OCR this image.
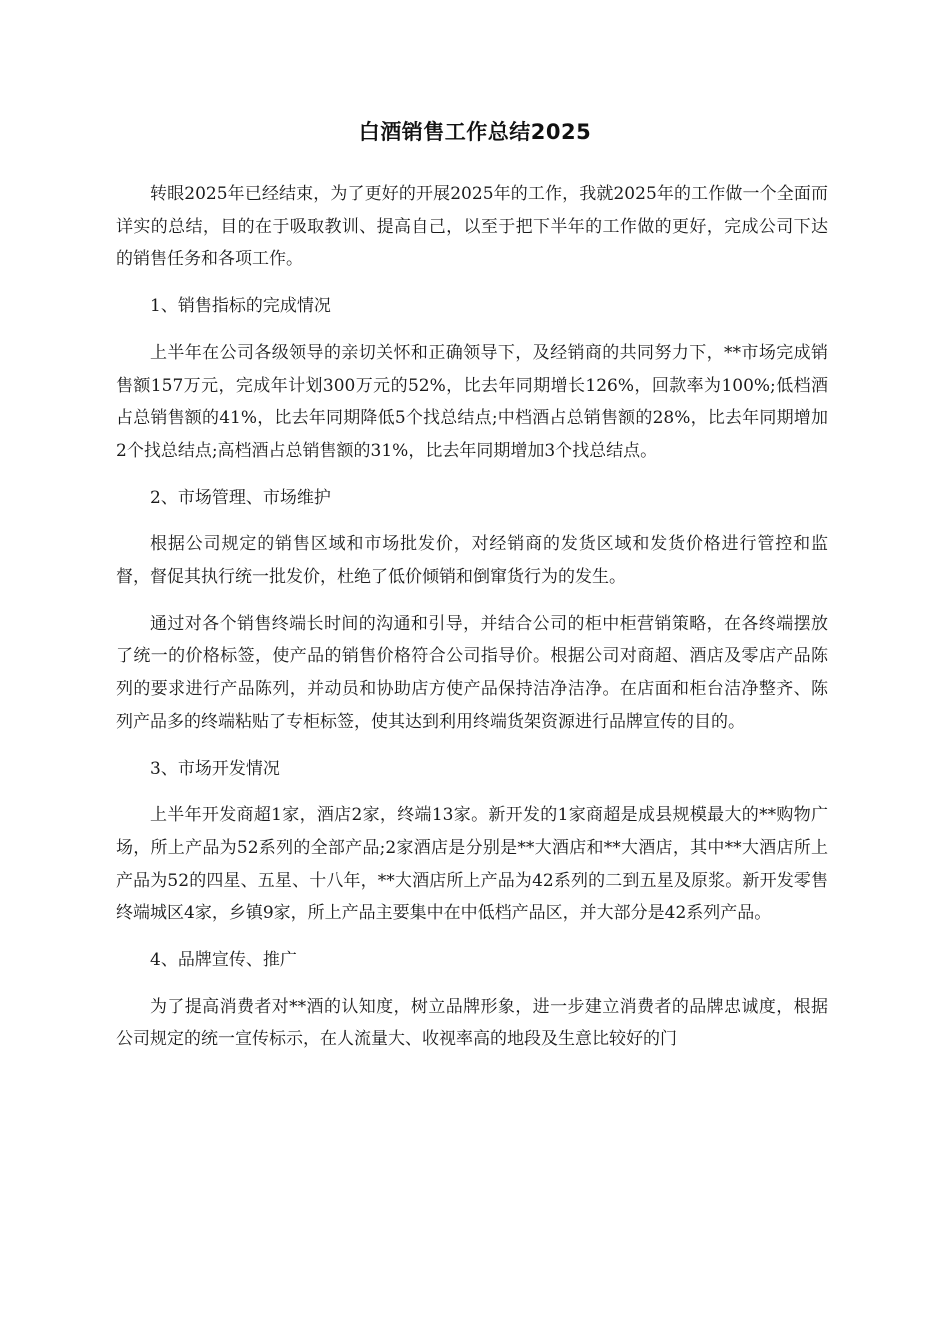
白酒销售工作总结2025

转眼2025年已经结束，为了更好的开展2025年的工作，我就2025年的工作做一个全面而详实的总结，目的在于吸取教训、提高自己，以至于把下半年的工作做的更好，完成公司下达的销售任务和各项工作。

1、销售指标的完成情况

上半年在公司各级领导的亲切关怀和正确领导下，及经销商的共同努力下，**市场完成销售额157万元，完成年计划300万元的52%，比去年同期增长126%，回款率为100%;低档酒占总销售额的41%，比去年同期降低5个找总结点;中档酒占总销售额的28%，比去年同期增加2个找总结点;高档酒占总销售额的31%，比去年同期增加3个找总结点。

2、市场管理、市场维护

根据公司规定的销售区域和市场批发价，对经销商的发货区域和发货价格进行管控和监督，督促其执行统一批发价，杜绝了低价倾销和倒窜货行为的发生。

通过对各个销售终端长时间的沟通和引导，并结合公司的柜中柜营销策略，在各终端摆放了统一的价格标签，使产品的销售价格符合公司指导价。根据公司对商超、酒店及零店产品陈列的要求进行产品陈列，并动员和协助店方使产品保持洁净洁净。在店面和柜台洁净整齐、陈列产品多的终端粘贴了专柜标签，使其达到利用终端货架资源进行品牌宣传的目的。

3、市场开发情况

上半年开发商超1家，酒店2家，终端13家。新开发的1家商超是成县规模最大的**购物广场，所上产品为52系列的全部产品;2家酒店是分别是**大酒店和**大酒店，其中**大酒店所上产品为52的四星、五星、十八年，**大酒店所上产品为42系列的二到五星及原浆。新开发零售终端城区4家，乡镇9家，所上产品主要集中在中低档产品区，并大部分是42系列产品。

4、品牌宣传、推广

为了提高消费者对**酒的认知度，树立品牌形象，进一步建立消费者的品牌忠诚度，根据公司规定的统一宣传标示，在人流量大、收视率高的地段及生意比较好的门
